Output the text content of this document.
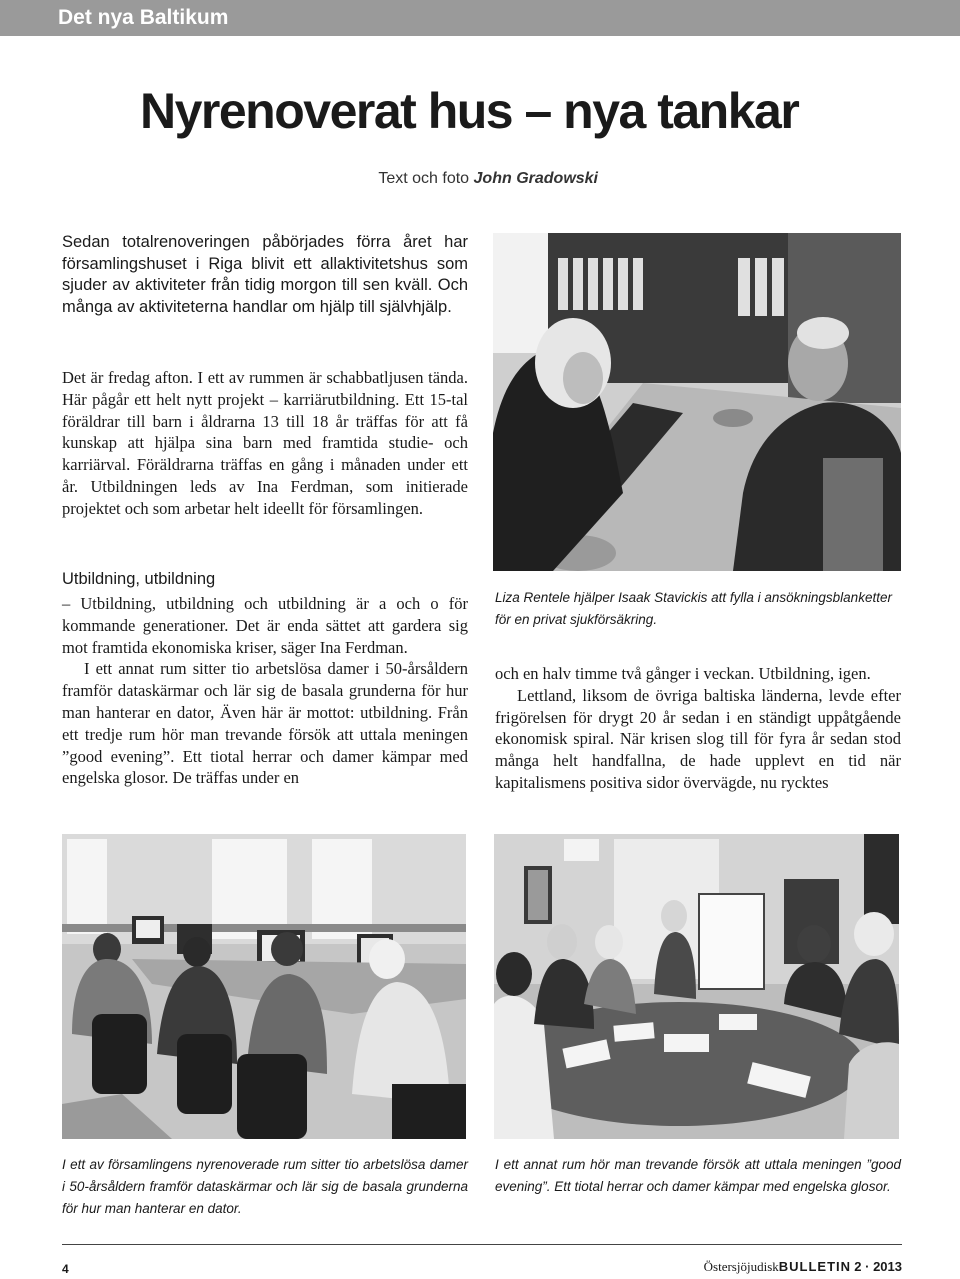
Det nya Baltikum
Nyrenoverat hus – nya tankar
Text och foto John Gradowski

Sedan totalrenoveringen påbörjades förra året har församlingshuset i Riga blivit ett allaktivitetshus som sjuder av aktiviteter från tidig morgon till sen kväll. Och många av aktiviteterna handlar om hjälp till självhjälp.

Det är fredag afton. I ett av rummen är schabbatljusen tända. Här pågår ett helt nytt projekt – karriärutbildning. Ett 15-tal föräldrar till barn i åldrarna 13 till 18 år träffas för att få kunskap att hjälpa sina barn med framtida studie- och karriärval. Föräldrarna träffas en gång i månaden under ett år. Utbildningen leds av Ina Ferdman, som initierade projektet och som arbetar helt ideellt för församlingen.

Utbildning, utbildning

– Utbildning, utbildning och utbildning är a och o för kommande generationer. Det är enda sättet att gardera sig mot framtida ekonomiska kriser, säger Ina Ferdman.

I ett annat rum sitter tio arbetslösa damer i 50-årsåldern framför dataskärmar och lär sig de basala grunderna för hur man hanterar en dator, Även här är mottot: utbildning. Från ett tredje rum hör man trevande försök att uttala meningen ”good evening”. Ett tiotal herrar och damer kämpar med engelska glosor. De träffas under en

Liza Rentele hjälper Isaak Stavickis att fylla i ansökningsblanketter för en privat sjukförsäkring.

och en halv timme två gånger i veckan. Utbildning, igen.

Lettland, liksom de övriga baltiska länderna, levde efter frigörelsen för drygt 20 år sedan i en ständigt uppåtgående ekonomisk spiral. När krisen slog till för fyra år sedan stod många helt handfallna, de hade upplevt en tid när kapitalismens positiva sidor övervägde, nu rycktes

I ett av församlingens nyrenoverade rum sitter tio arbetslösa damer i 50-årsåldern framför dataskärmar och lär sig de basala grunderna för hur man hanterar en dator.

I ett annat rum hör man trevande försök att uttala meningen ”good evening”. Ett tiotal herrar och damer kämpar med engelska glosor.

4	ÖstersjöjudiskBULLETIN 2 · 2013
